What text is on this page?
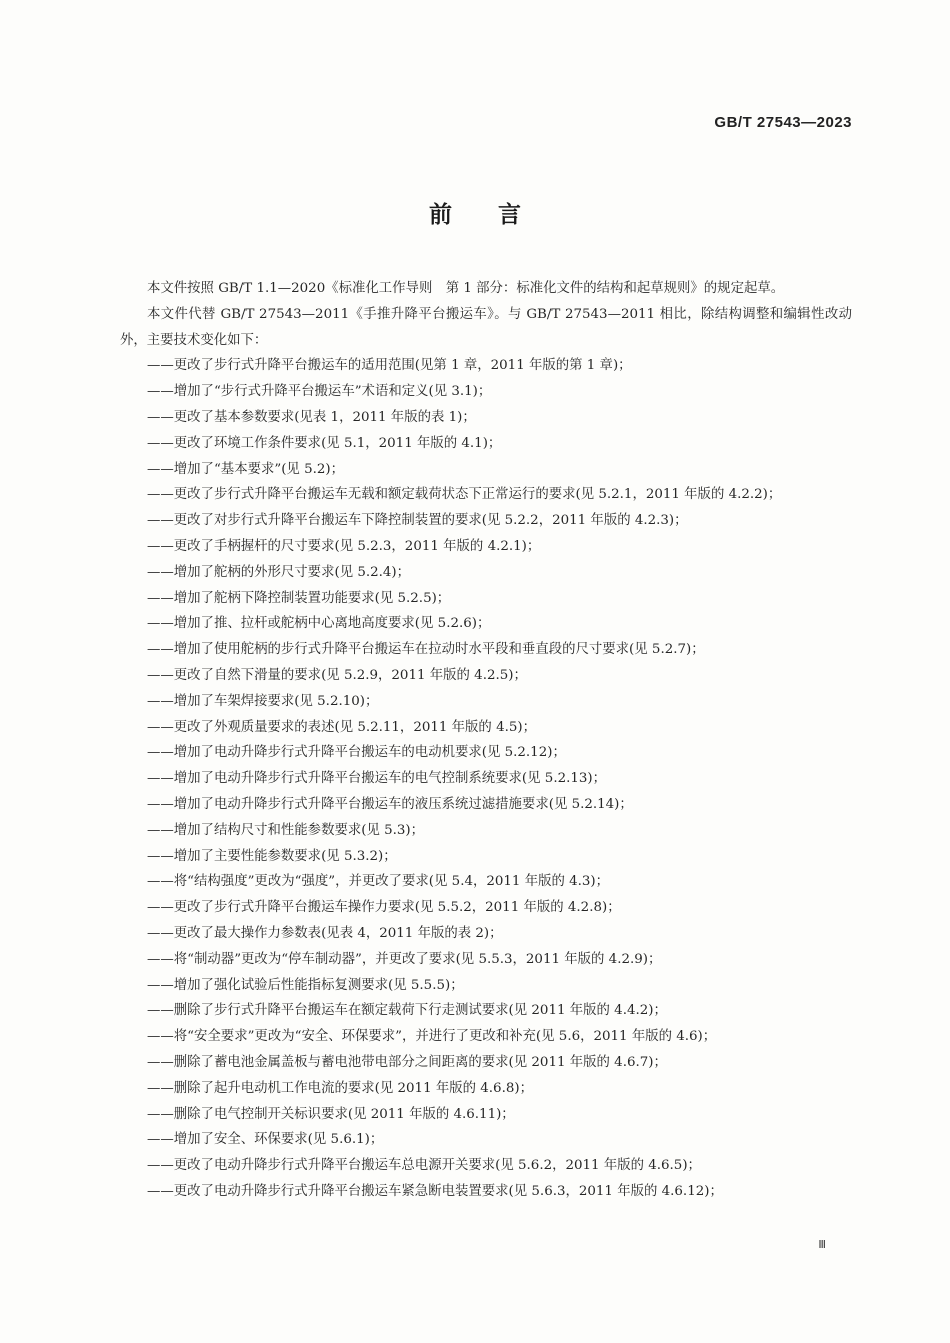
GB/T 27543—2023
前言

本文件按照 GB/T 1.1—2020《标准化工作导则　第 1 部分：标准化文件的结构和起草规则》的规定起草。

本文件代替 GB/T 27543—2011《手推升降平台搬运车》。与 GB/T 27543—2011 相比，除结构调整和编辑性改动外，主要技术变化如下：

——更改了步行式升降平台搬运车的适用范围(见第 1 章，2011 年版的第 1 章)；
——增加了“步行式升降平台搬运车”术语和定义(见 3.1)；
——更改了基本参数要求(见表 1，2011 年版的表 1)；
——更改了环境工作条件要求(见 5.1，2011 年版的 4.1)；
——增加了“基本要求”(见 5.2)；
——更改了步行式升降平台搬运车无载和额定载荷状态下正常运行的要求(见 5.2.1，2011 年版的 4.2.2)；
——更改了对步行式升降平台搬运车下降控制装置的要求(见 5.2.2，2011 年版的 4.2.3)；
——更改了手柄握杆的尺寸要求(见 5.2.3，2011 年版的 4.2.1)；
——增加了舵柄的外形尺寸要求(见 5.2.4)；
——增加了舵柄下降控制装置功能要求(见 5.2.5)；
——增加了推、拉杆或舵柄中心离地高度要求(见 5.2.6)；
——增加了使用舵柄的步行式升降平台搬运车在拉动时水平段和垂直段的尺寸要求(见 5.2.7)；
——更改了自然下滑量的要求(见 5.2.9，2011 年版的 4.2.5)；
——增加了车架焊接要求(见 5.2.10)；
——更改了外观质量要求的表述(见 5.2.11，2011 年版的 4.5)；
——增加了电动升降步行式升降平台搬运车的电动机要求(见 5.2.12)；
——增加了电动升降步行式升降平台搬运车的电气控制系统要求(见 5.2.13)；
——增加了电动升降步行式升降平台搬运车的液压系统过滤措施要求(见 5.2.14)；
——增加了结构尺寸和性能参数要求(见 5.3)；
——增加了主要性能参数要求(见 5.3.2)；
——将“结构强度”更改为“强度”，并更改了要求(见 5.4，2011 年版的 4.3)；
——更改了步行式升降平台搬运车操作力要求(见 5.5.2，2011 年版的 4.2.8)；
——更改了最大操作力参数表(见表 4，2011 年版的表 2)；
——将“制动器”更改为“停车制动器”，并更改了要求(见 5.5.3，2011 年版的 4.2.9)；
——增加了强化试验后性能指标复测要求(见 5.5.5)；
——删除了步行式升降平台搬运车在额定载荷下行走测试要求(见 2011 年版的 4.4.2)；
——将“安全要求”更改为“安全、环保要求”，并进行了更改和补充(见 5.6，2011 年版的 4.6)；
——删除了蓄电池金属盖板与蓄电池带电部分之间距离的要求(见 2011 年版的 4.6.7)；
——删除了起升电动机工作电流的要求(见 2011 年版的 4.6.8)；
——删除了电气控制开关标识要求(见 2011 年版的 4.6.11)；
——增加了安全、环保要求(见 5.6.1)；
——更改了电动升降步行式升降平台搬运车总电源开关要求(见 5.6.2，2011 年版的 4.6.5)；
——更改了电动升降步行式升降平台搬运车紧急断电装置要求(见 5.6.3，2011 年版的 4.6.12)；
Ⅲ
